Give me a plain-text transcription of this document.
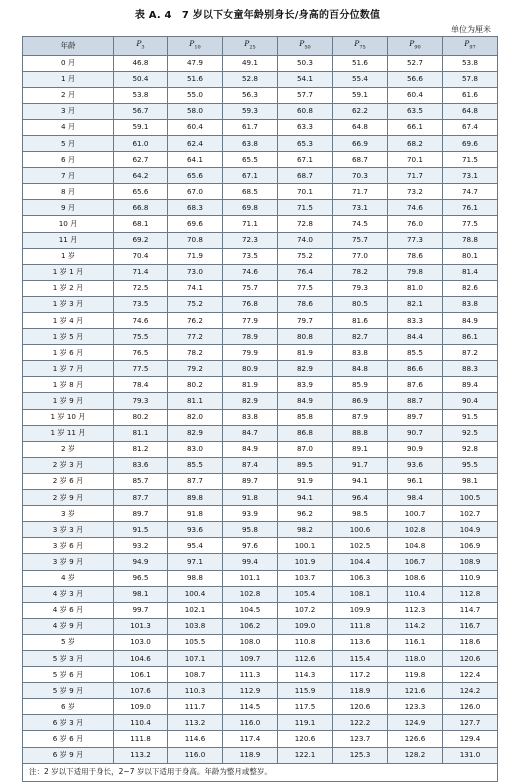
表 A. 4　7 岁以下女童年龄别身长/身高的百分位数值
单位为厘米
年龄	$P_3$	$P_{10}$	$P_{25}$	$P_{50}$	$P_{75}$	$P_{90}$	$P_{97}$
0 月	46.8	47.9	49.1	50.3	51.6	52.7	53.8
1 月	50.4	51.6	52.8	54.1	55.4	56.6	57.8
2 月	53.8	55.0	56.3	57.7	59.1	60.4	61.6
3 月	56.7	58.0	59.3	60.8	62.2	63.5	64.8
4 月	59.1	60.4	61.7	63.3	64.8	66.1	67.4
5 月	61.0	62.4	63.8	65.3	66.9	68.2	69.6
6 月	62.7	64.1	65.5	67.1	68.7	70.1	71.5
7 月	64.2	65.6	67.1	68.7	70.3	71.7	73.1
8 月	65.6	67.0	68.5	70.1	71.7	73.2	74.7
9 月	66.8	68.3	69.8	71.5	73.1	74.6	76.1
10 月	68.1	69.6	71.1	72.8	74.5	76.0	77.5
11 月	69.2	70.8	72.3	74.0	75.7	77.3	78.8
1 岁	70.4	71.9	73.5	75.2	77.0	78.6	80.1
1 岁 1 月	71.4	73.0	74.6	76.4	78.2	79.8	81.4
1 岁 2 月	72.5	74.1	75.7	77.5	79.3	81.0	82.6
1 岁 3 月	73.5	75.2	76.8	78.6	80.5	82.1	83.8
1 岁 4 月	74.6	76.2	77.9	79.7	81.6	83.3	84.9
1 岁 5 月	75.5	77.2	78.9	80.8	82.7	84.4	86.1
1 岁 6 月	76.5	78.2	79.9	81.9	83.8	85.5	87.2
1 岁 7 月	77.5	79.2	80.9	82.9	84.8	86.6	88.3
1 岁 8 月	78.4	80.2	81.9	83.9	85.9	87.6	89.4
1 岁 9 月	79.3	81.1	82.9	84.9	86.9	88.7	90.4
1 岁 10 月	80.2	82.0	83.8	85.8	87.9	89.7	91.5
1 岁 11 月	81.1	82.9	84.7	86.8	88.8	90.7	92.5
2 岁	81.2	83.0	84.9	87.0	89.1	90.9	92.8
2 岁 3 月	83.6	85.5	87.4	89.5	91.7	93.6	95.5
2 岁 6 月	85.7	87.7	89.7	91.9	94.1	96.1	98.1
2 岁 9 月	87.7	89.8	91.8	94.1	96.4	98.4	100.5
3 岁	89.7	91.8	93.9	96.2	98.5	100.7	102.7
3 岁 3 月	91.5	93.6	95.8	98.2	100.6	102.8	104.9
3 岁 6 月	93.2	95.4	97.6	100.1	102.5	104.8	106.9
3 岁 9 月	94.9	97.1	99.4	101.9	104.4	106.7	108.9
4 岁	96.5	98.8	101.1	103.7	106.3	108.6	110.9
4 岁 3 月	98.1	100.4	102.8	105.4	108.1	110.4	112.8
4 岁 6 月	99.7	102.1	104.5	107.2	109.9	112.3	114.7
4 岁 9 月	101.3	103.8	106.2	109.0	111.8	114.2	116.7
5 岁	103.0	105.5	108.0	110.8	113.6	116.1	118.6
5 岁 3 月	104.6	107.1	109.7	112.6	115.4	118.0	120.6
5 岁 6 月	106.1	108.7	111.3	114.3	117.2	119.8	122.4
5 岁 9 月	107.6	110.3	112.9	115.9	118.9	121.6	124.2
6 岁	109.0	111.7	114.5	117.5	120.6	123.3	126.0
6 岁 3 月	110.4	113.2	116.0	119.1	122.2	124.9	127.7
6 岁 6 月	111.8	114.6	117.4	120.6	123.7	126.6	129.4
6 岁 9 月	113.2	116.0	118.9	122.1	125.3	128.2	131.0
注：2 岁以下适用于身长，2~7 岁以下适用于身高。年龄为整月或整岁。							
